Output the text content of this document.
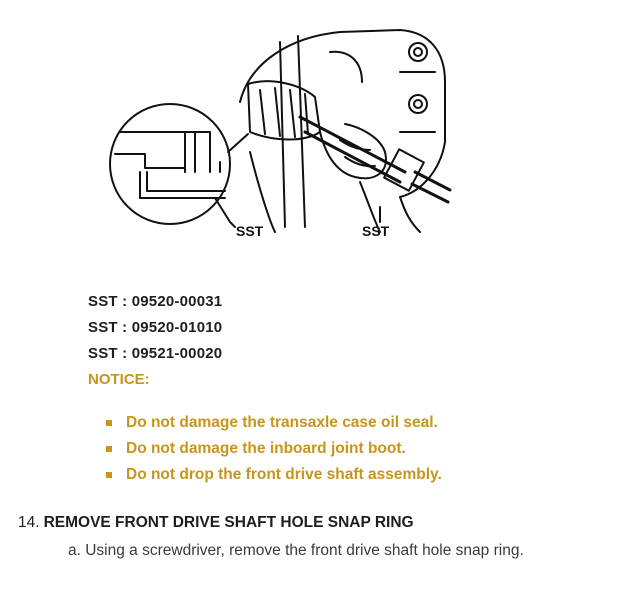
SST	SST
SST : 09520-00031
SST : 09520-01010
SST : 09521-00020
NOTICE:
Do not damage the transaxle case oil seal.
Do not damage the inboard joint boot.
Do not drop the front drive shaft assembly.
14. REMOVE FRONT DRIVE SHAFT HOLE SNAP RING
a. Using a screwdriver, remove the front drive shaft hole snap ring.
